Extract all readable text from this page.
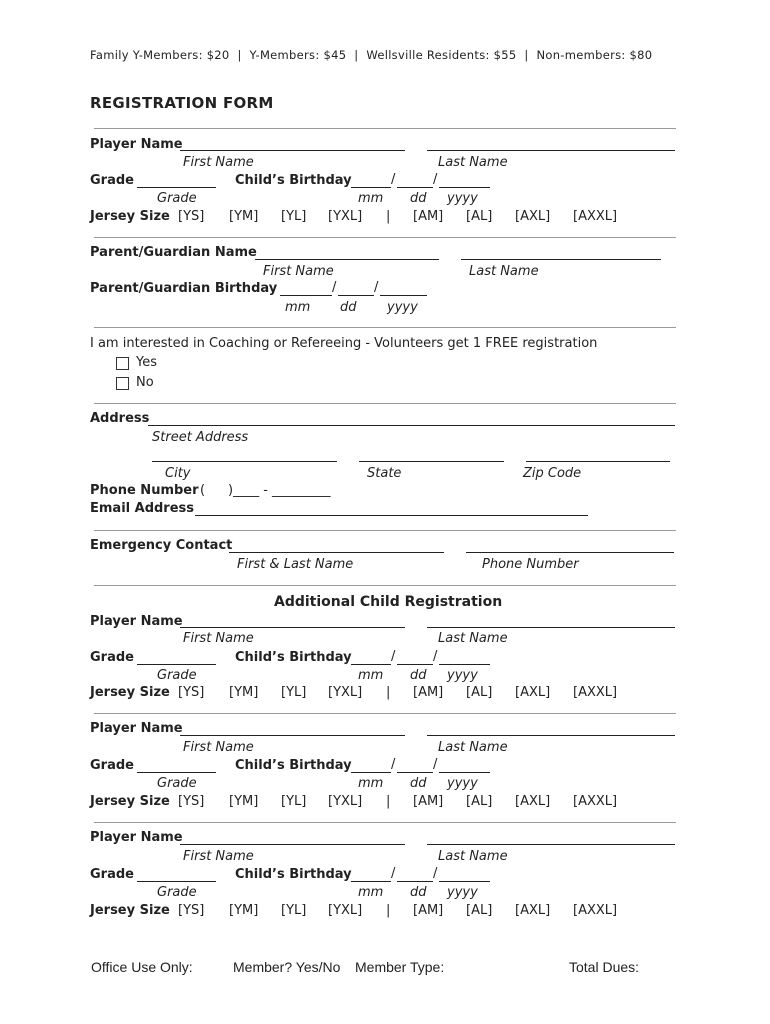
Family Y-Members: $20  |  Y-Members: $45  |  Wellsville Residents: $55  |  Non-members: $80
REGISTRATION FORM
Player Name
First Name	Last Name
Grade	Child’s Birthday	/	/
Grade	mm dd yyyy
Jersey Size [YS] [YM] [YL] [YXL] | [AM] [AL] [AXL] [AXXL]
Parent/Guardian Name
First Name	Last Name
Parent/Guardian Birthday	/	/
mm dd yyyy
I am interested in Coaching or Refereeing - Volunteers get 1 FREE registration
Yes
No
Address
Street Address
City	State	Zip Code
Phone Number ( )____ - _________
Email Address
Emergency Contact
First & Last Name	Phone Number
Additional Child Registration
Player Name
First Name	Last Name
Grade	Child’s Birthday	/	/
Grade	mm dd yyyy
Jersey Size [YS] [YM] [YL] [YXL] | [AM] [AL] [AXL] [AXXL]
Player Name
First Name	Last Name
Grade	Child’s Birthday	/	/
Grade	mm dd yyyy
Jersey Size [YS] [YM] [YL] [YXL] | [AM] [AL] [AXL] [AXXL]
Player Name
First Name	Last Name
Grade	Child’s Birthday	/	/
Grade	mm dd yyyy
Jersey Size [YS] [YM] [YL] [YXL] | [AM] [AL] [AXL] [AXXL]
Office Use Only:	Member? Yes/No Member Type:	Total Dues:
